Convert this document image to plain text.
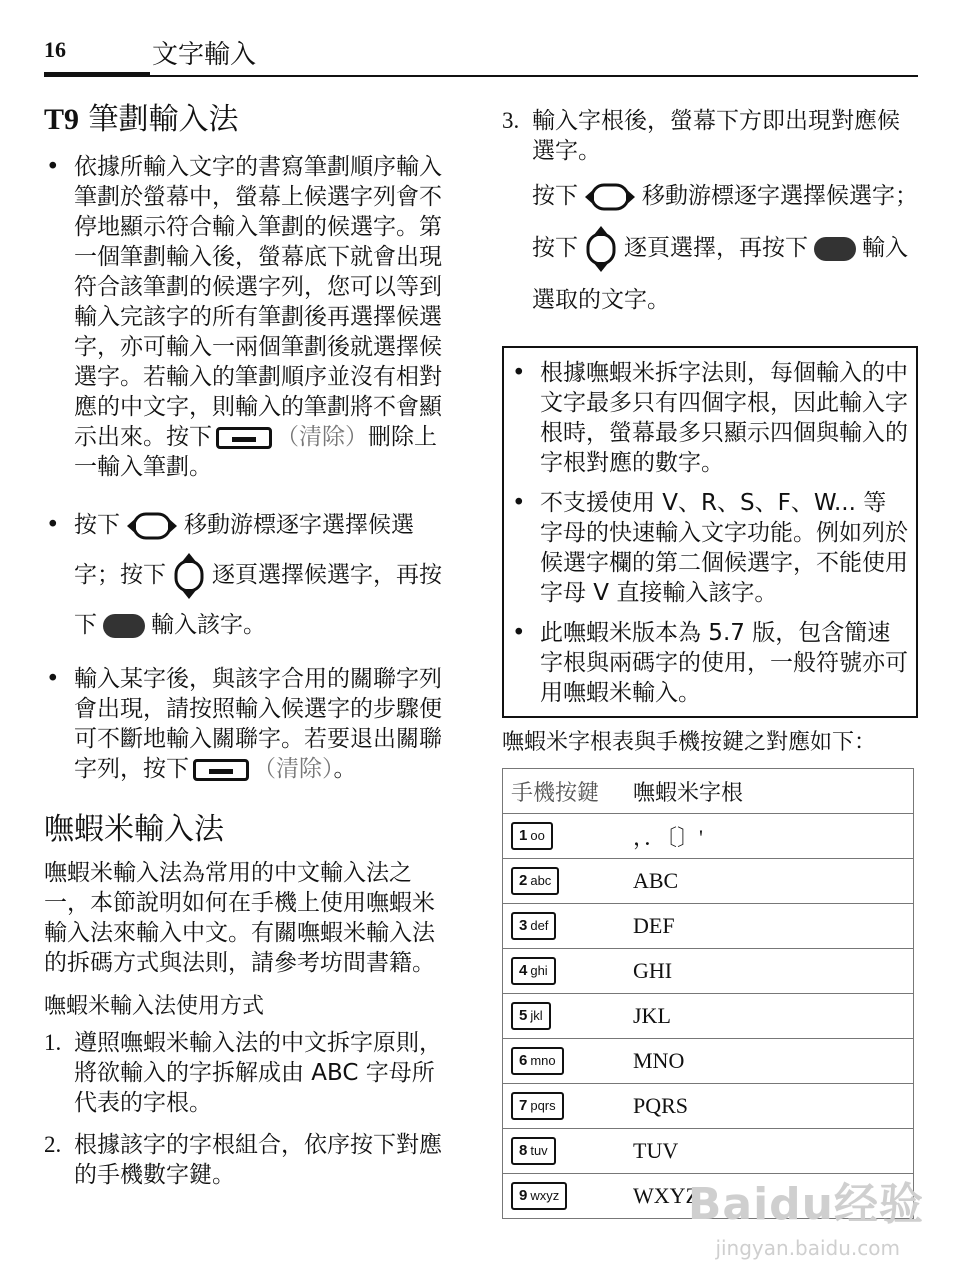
16	文字輸入
T9 筆劃輸入法
• 依據所輸入文字的書寫筆劃順序輸入筆劃於螢幕中，螢幕上候選字列會不停地顯示符合輸入筆劃的候選字。第一個筆劃輸入後，螢幕底下就會出現符合該筆劃的候選字列，您可以等到輸入完該字的所有筆劃後再選擇候選字，亦可輸入一兩個筆劃後就選擇候選字。若輸入的筆劃順序並沒有相對應的中文字，則輸入的筆劃將不會顯示出來。按下	（清除）刪除上一輸入筆劃。
• 按下	移動游標逐字選擇候選字；按下 逐頁選擇候選字，再按下 輸入該字。
• 輸入某字後，與該字合用的關聯字列會出現，請按照輸入候選字的步驟便可不斷地輸入關聯字。若要退出關聯字列，按下	（清除）。
嘸蝦米輸入法
嘸蝦米輸入法為常用的中文輸入法之一，本節說明如何在手機上使用嘸蝦米輸入法來輸入中文。有關嘸蝦米輸入法的拆碼方式與法則，請參考坊間書籍。
嘸蝦米輸入法使用方式
1. 遵照嘸蝦米輸入法的中文拆字原則，將欲輸入的字拆解成由 ABC 字母所代表的字根。
2. 根據該字的字根組合，依序按下對應的手機數字鍵。
3. 輸入字根後，螢幕下方即出現對應候選字。
按下	移動游標逐字選擇候選字；按下 逐頁選擇，再按下 輸入選取的文字。
• 根據嘸蝦米拆字法則，每個輸入的中文字最多只有四個字根，因此輸入字根時，螢幕最多只顯示四個與輸入的字根對應的數字。
• 不支援使用 V、R、S、F、W... 等字母的快速輸入文字功能。例如列於候選字欄的第二個候選字，不能使用字母 V 直接輸入該字。
• 此嘸蝦米版本為 5.7 版，包含簡速字根與兩碼字的使用，一般符號亦可用嘸蝦米輸入。
嘸蝦米字根表與手機按鍵之對應如下：
手機按鍵	嘸蝦米字根
1 oo	，．〔〕'
2 abc	ABC
3 def	DEF
4 ghi	GHI
5 jkl	JKL
6 mno	MNO
7 pqrs	PQRS
8 tuv	TUV
9 wxyz	WXYZ
Baidu经验
jingyan.baidu.com
